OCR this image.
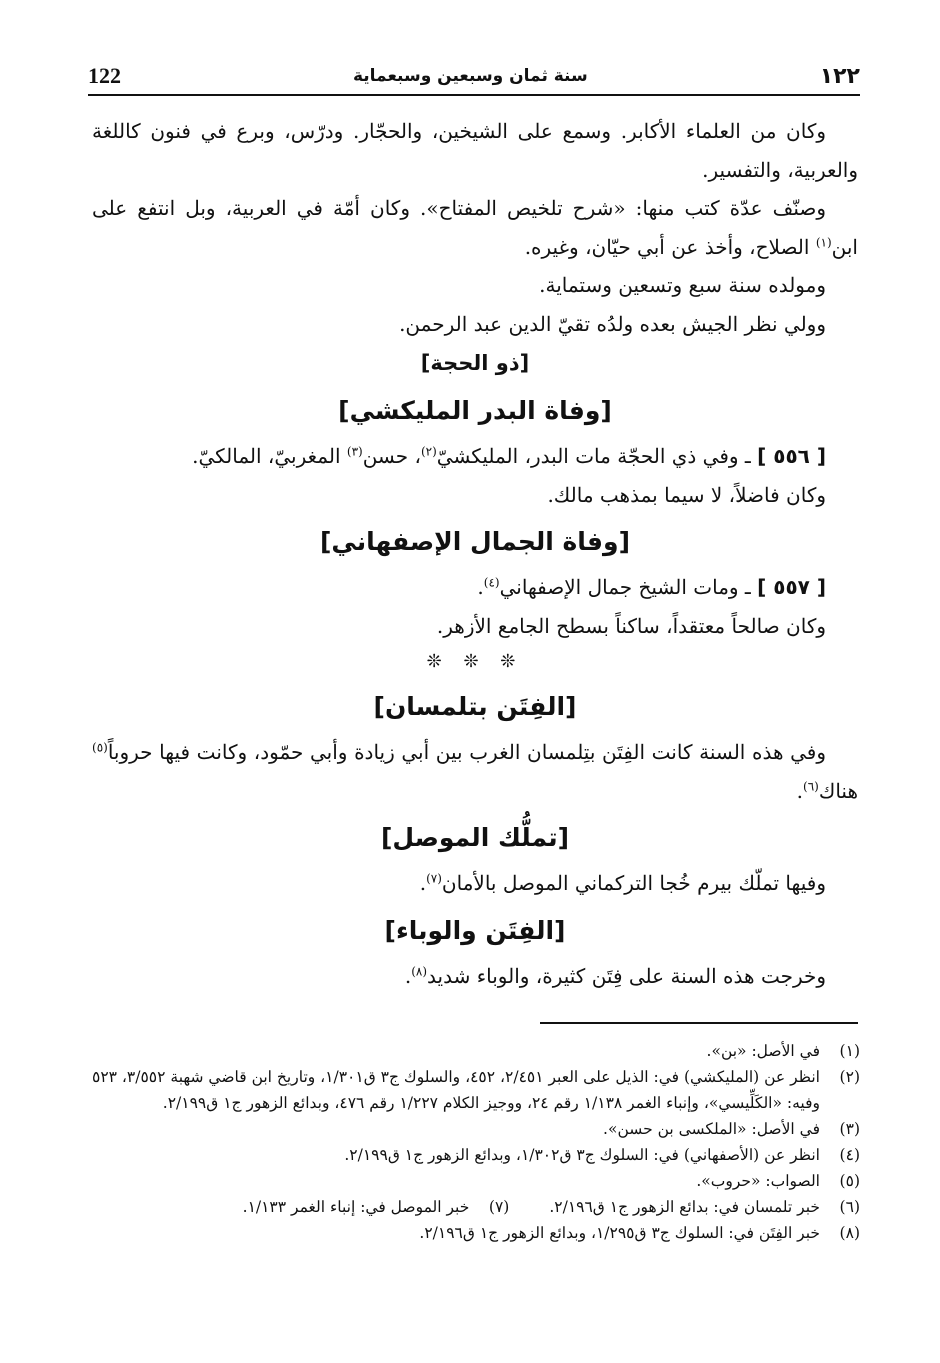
122	سنة ثمان وسبعين وسبعماية	١٢٢

وكان من العلماء الأكابر. وسمع على الشيخين، والحجّار. ودرّس، وبرع في فنون كاللغة والعربية، والتفسير.

وصنّف عدّة كتب منها: «شرح تلخيص المفتاح». وكان أمّة في العربية، وبل انتفع على ابن$^{(١)}$ الصلاح، وأخذ عن أبي حيّان، وغيره.

ومولده سنة سبع وتسعين وستماية.

وولي نظر الجيش بعده ولدُه تقيّ الدين عبد الرحمن.

[ذو الحجة]
[وفاة البدر المليكشي]

[ ٥٥٦ ] ـ وفي ذي الحجّة مات البدر، المليكشيّ$^{(٢)}$، حسن$^{(٣)}$ المغربيّ، المالكيّ.

وكان فاضلاً، لا سيما بمذهب مالك.

[وفاة الجمال الإصفهاني]

[ ٥٥٧ ] ـ ومات الشيخ جمال الإصفهاني$^{(٤)}$.

وكان صالحاً معتقداً، ساكناً بسطح الجامع الأزهر.

❊ ❊ ❊
[الفِتَن بتلمسان]

وفي هذه السنة كانت الفِتَن بتِلمسان الغرب بين أبي زيادة وأبي حمّود، وكانت فيها حروباً$^{(٥)}$ هناك$^{(٦)}$.

[تملُّك الموصل]

وفيها تملّك بيرم خُجا التركماني الموصل بالأمان$^{(٧)}$.

[الفِتَن والوباء]

وخرجت هذه السنة على فِتَن كثيرة، والوباء شديد$^{(٨)}$.

(١)
في الأصل: «بن».
(٢)
انظر عن (المليكشي) في: الذيل على العبر ٢/٤٥١، ٤٥٢، والسلوك ج٣ ق١/٣٠١، وتاريخ ابن قاضي شهبة ٣/٥٥٢، ٥٢٣ وفيه: «الكَلِّيسي»، وإنباء الغمر ١/١٣٨ رقم ٢٤، ووجيز الكلام ١/٢٢٧ رقم ٤٧٦، وبدائع الزهور ج١ ق٢/١٩٩.
(٣)
في الأصل: «الملكسى بن حسن».
(٤)
انظر عن (الأصفهاني) في: السلوك ج٣ ق١/٣٠٢، وبدائع الزهور ج١ ق٢/١٩٩.
(٥)
الصواب: «حروب».
(٦)
خبر تلمسان في: بدائع الزهور ج١ ق٢/١٩٦.
(٧)
خبر الموصل في: إنباء الغمر ١/١٣٣.
(٨)
خبر الفِتَن في: السلوك ج٣ ق١/٢٩٥، وبدائع الزهور ج١ ق٢/١٩٦.
